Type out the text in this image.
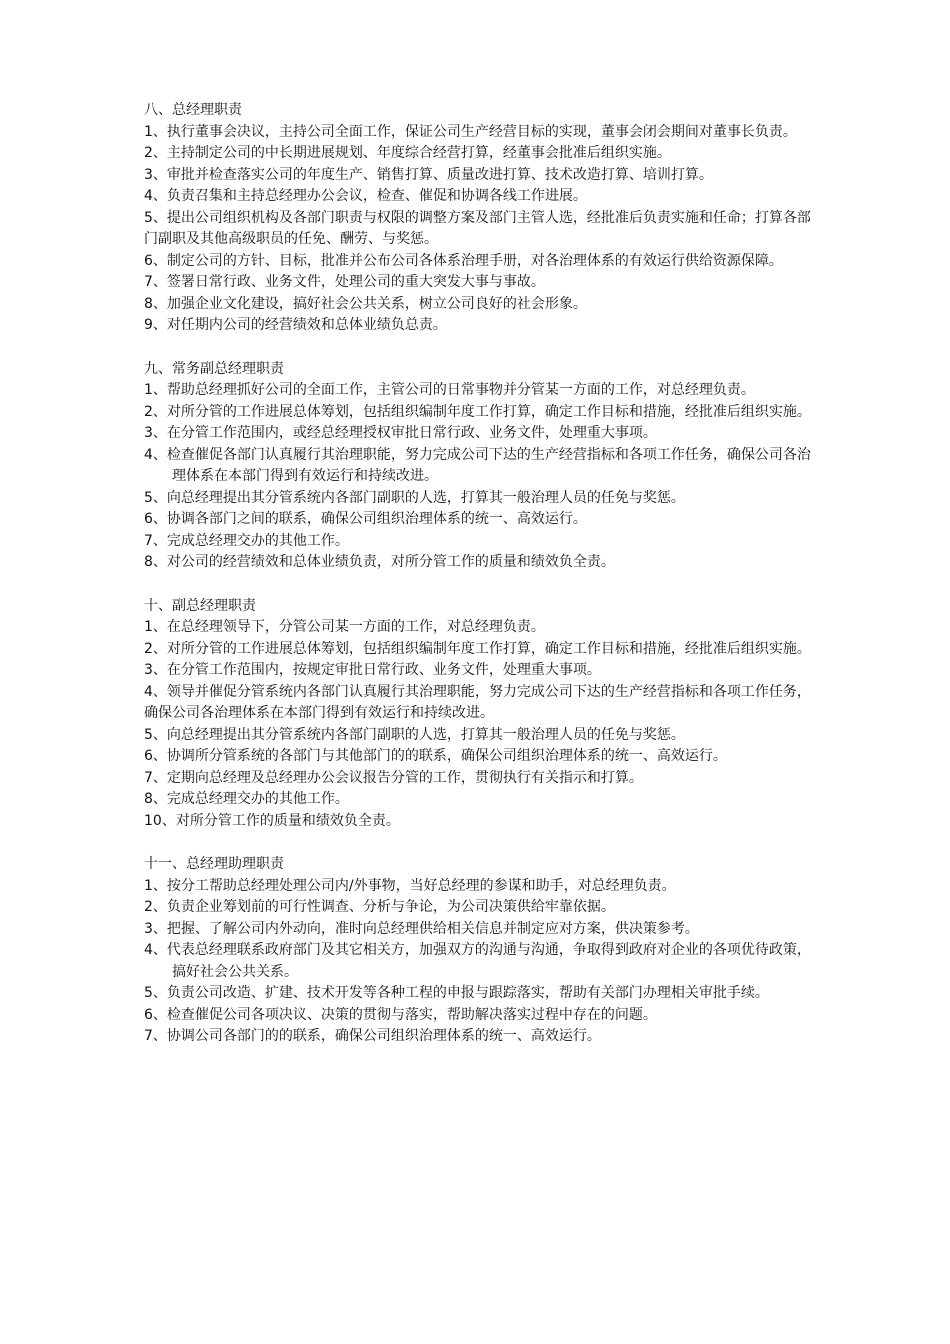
八、总经理职责

1、执行董事会决议，主持公司全面工作，保证公司生产经营目标的实现，董事会闭会期间对董事长负责。

2、主持制定公司的中长期进展规划、年度综合经营打算，经董事会批准后组织实施。

3、审批并检查落实公司的年度生产、销售打算、质量改进打算、技术改造打算、培训打算。

4、负责召集和主持总经理办公会议，检查、催促和协调各线工作进展。

5、提出公司组织机构及各部门职责与权限的调整方案及部门主管人选，经批准后负责实施和任命；打算各部门副职及其他高级职员的任免、酬劳、与奖惩。

6、制定公司的方针、目标，批准并公布公司各体系治理手册，对各治理体系的有效运行供给资源保障。

7、签署日常行政、业务文件，处理公司的重大突发大事与事故。

8、加强企业文化建设，搞好社会公共关系，树立公司良好的社会形象。

9、对任期内公司的经营绩效和总体业绩负总责。

九、常务副总经理职责

1、帮助总经理抓好公司的全面工作，主管公司的日常事物并分管某一方面的工作，对总经理负责。

2、对所分管的工作进展总体筹划，包括组织编制年度工作打算，确定工作目标和措施，经批准后组织实施。

3、在分管工作范围内，或经总经理授权审批日常行政、业务文件，处理重大事项。

4、检查催促各部门认真履行其治理职能，努力完成公司下达的生产经营指标和各项工作任务，确保公司各治理体系在本部门得到有效运行和持续改进。

5、向总经理提出其分管系统内各部门副职的人选，打算其一般治理人员的任免与奖惩。

6、协调各部门之间的联系，确保公司组织治理体系的统一、高效运行。

7、完成总经理交办的其他工作。

8、对公司的经营绩效和总体业绩负责，对所分管工作的质量和绩效负全责。

十、副总经理职责

1、在总经理领导下，分管公司某一方面的工作，对总经理负责。

2、对所分管的工作进展总体筹划，包括组织编制年度工作打算，确定工作目标和措施，经批准后组织实施。

3、在分管工作范围内，按规定审批日常行政、业务文件，处理重大事项。

4、领导并催促分管系统内各部门认真履行其治理职能，努力完成公司下达的生产经营指标和各项工作任务，确保公司各治理体系在本部门得到有效运行和持续改进。

5、向总经理提出其分管系统内各部门副职的人选，打算其一般治理人员的任免与奖惩。

6、协调所分管系统的各部门与其他部门的的联系，确保公司组织治理体系的统一、高效运行。

7、定期向总经理及总经理办公会议报告分管的工作，贯彻执行有关指示和打算。

8、完成总经理交办的其他工作。

10、对所分管工作的质量和绩效负全责。

十一、总经理助理职责

1、按分工帮助总经理处理公司内/外事物，当好总经理的参谋和助手，对总经理负责。

2、负责企业筹划前的可行性调查、分析与争论，为公司决策供给牢靠依据。

3、把握、了解公司内外动向，准时向总经理供给相关信息并制定应对方案，供决策参考。

4、代表总经理联系政府部门及其它相关方，加强双方的沟通与沟通，争取得到政府对企业的各项优待政策，搞好社会公共关系。

5、负责公司改造、扩建、技术开发等各种工程的申报与跟踪落实，帮助有关部门办理相关审批手续。

6、检查催促公司各项决议、决策的贯彻与落实，帮助解决落实过程中存在的问题。

7、协调公司各部门的的联系，确保公司组织治理体系的统一、高效运行。
